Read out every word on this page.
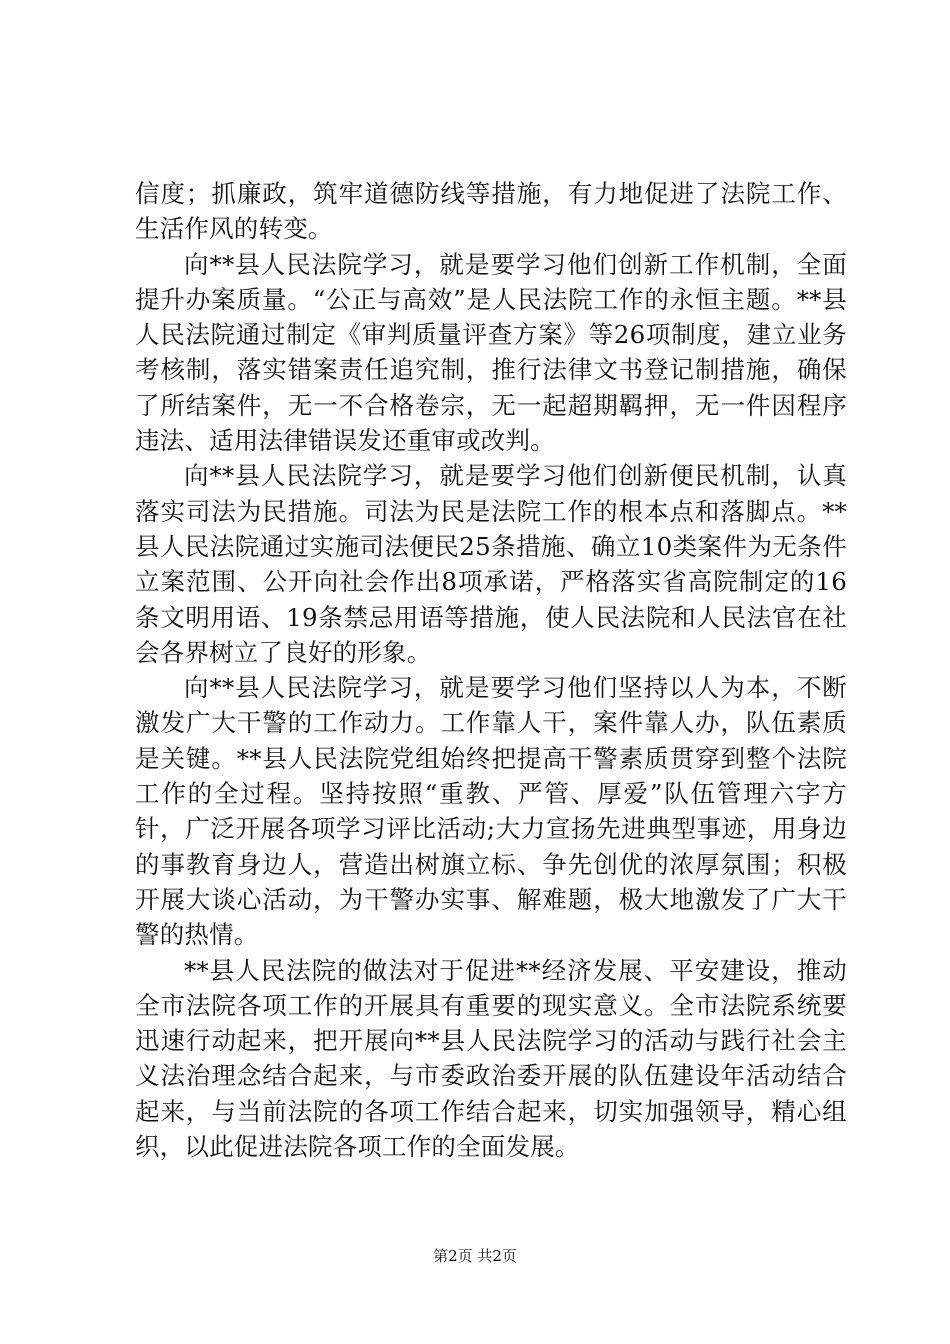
信度；抓廉政，筑牢道德防线等措施，有力地促进了法院工作、生活作风的转变。

向**县人民法院学习，就是要学习他们创新工作机制，全面提升办案质量。“公正与高效”是人民法院工作的永恒主题。**县人民法院通过制定《审判质量评查方案》等26项制度，建立业务考核制，落实错案责任追究制，推行法律文书登记制措施，确保了所结案件，无一不合格卷宗，无一起超期羁押，无一件因程序违法、适用法律错误发还重审或改判。

向**县人民法院学习，就是要学习他们创新便民机制，认真落实司法为民措施。司法为民是法院工作的根本点和落脚点。**县人民法院通过实施司法便民25条措施、确立10类案件为无条件立案范围、公开向社会作出8项承诺，严格落实省高院制定的16条文明用语、19条禁忌用语等措施，使人民法院和人民法官在社会各界树立了良好的形象。

向**县人民法院学习，就是要学习他们坚持以人为本，不断激发广大干警的工作动力。工作靠人干，案件靠人办，队伍素质是关键。**县人民法院党组始终把提高干警素质贯穿到整个法院工作的全过程。坚持按照“重教、严管、厚爱”队伍管理六字方针，广泛开展各项学习评比活动;大力宣扬先进典型事迹，用身边的事教育身边人，营造出树旗立标、争先创优的浓厚氛围；积极开展大谈心活动，为干警办实事、解难题，极大地激发了广大干警的热情。

**县人民法院的做法对于促进**经济发展、平安建设，推动全市法院各项工作的开展具有重要的现实意义。全市法院系统要迅速行动起来，把开展向**县人民法院学习的活动与践行社会主义法治理念结合起来，与市委政治委开展的队伍建设年活动结合起来，与当前法院的各项工作结合起来，切实加强领导，精心组织，以此促进法院各项工作的全面发展。

第2页 共2页
